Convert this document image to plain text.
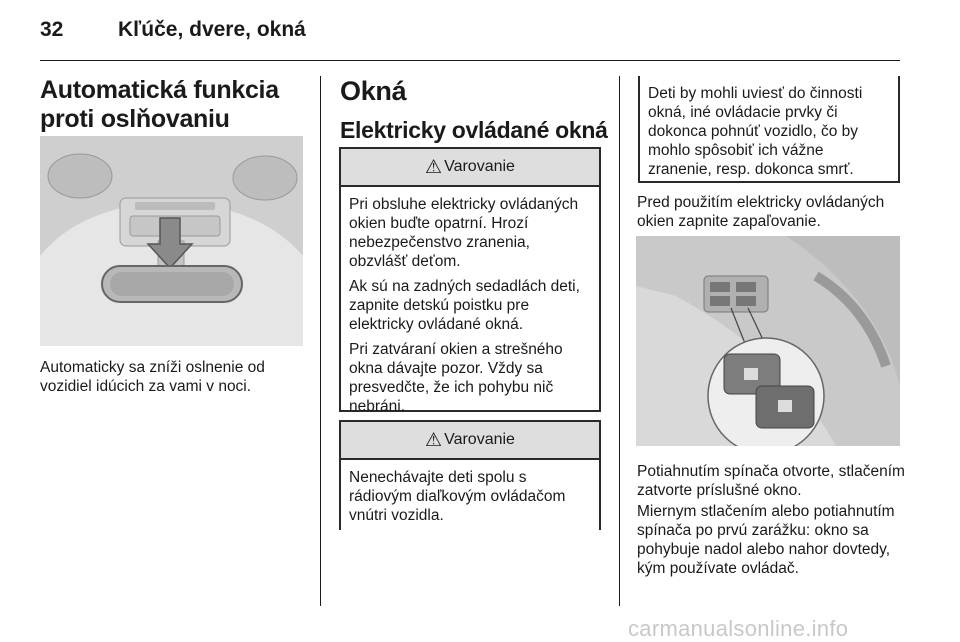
32	Kľúče, dvere, okná
Automatická funkcia proti oslňovaniu

Automaticky sa zníži oslnenie od vozidiel idúcich za vami v noci.

Okná
Elektricky ovládané okná
⚠ Varovanie

Pri obsluhe elektricky ovládaných okien buďte opatrní. Hrozí nebezpečenstvo zranenia, obzvlášť deťom.

Ak sú na zadných sedadlách deti, zapnite detskú poistku pre elektricky ovládané okná.

Pri zatváraní okien a strešného okna dávajte pozor. Vždy sa presvedčte, že ich pohybu nič nebráni.

⚠ Varovanie

Nenechávajte deti spolu s rádiovým diaľkovým ovládačom vnútri vozidla.

Deti by mohli uviesť do činnosti okná, iné ovládacie prvky či dokonca pohnúť vozidlo, čo by mohlo spôsobiť ich vážne zranenie, resp. dokonca smrť.

Pred použitím elektricky ovládaných okien zapnite zapaľovanie.

Potiahnutím spínača otvorte, stlačením zatvorte príslušné okno.

Miernym stlačením alebo potiahnutím spínača po prvú zarážku: okno sa pohybuje nadol alebo nahor dovtedy, kým používate ovládač.

carmanualsonline.info
